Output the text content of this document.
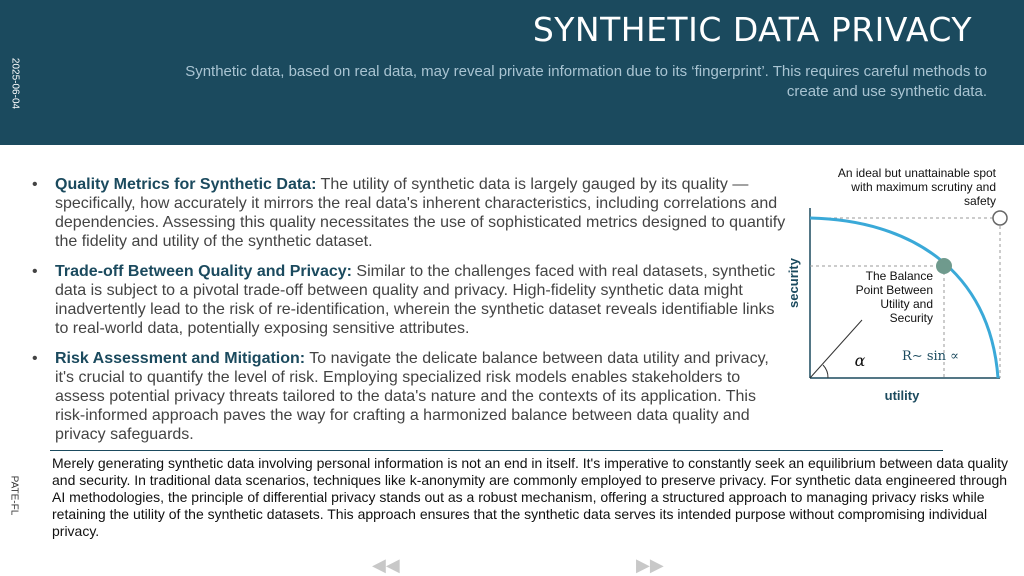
SYNTHETIC DATA PRIVACY
Synthetic data, based on real data, may reveal private information due to its ‘fingerprint’. This requires careful methods to create and use synthetic data.
2025-06-04
• Quality Metrics for Synthetic Data: The utility of synthetic data is largely gauged by its quality — specifically, how accurately it mirrors the real data's inherent characteristics, including correlations and dependencies. Assessing this quality necessitates the use of sophisticated metrics designed to quantify the fidelity and utility of the synthetic dataset.
• Trade-off Between Quality and Privacy: Similar to the challenges faced with real datasets, synthetic data is subject to a pivotal trade-off between quality and privacy. High-fidelity synthetic data might inadvertently lead to the risk of re-identification, wherein the synthetic dataset reveals identifiable links to real-world data, potentially exposing sensitive attributes.
• Risk Assessment and Mitigation: To navigate the delicate balance between data utility and privacy, it's crucial to quantify the level of risk. Employing specialized risk models enables stakeholders to assess potential privacy threats tailored to the data's nature and the contexts of its application. This risk-informed approach paves the way for crafting a harmonized balance between data quality and privacy safeguards.
An ideal but unattainable spot with maximum scrutiny and safety
The Balance Point Between Utility and Security
security
utility
α	R∼ sin ∝
Merely generating synthetic data involving personal information is not an end in itself. It's imperative to constantly seek an equilibrium between data quality and security. In traditional data scenarios, techniques like k-anonymity are commonly employed to preserve privacy. For synthetic data engineered through AI methodologies, the principle of differential privacy stands out as a robust mechanism, offering a structured approach to managing privacy risks while retaining the utility of the synthetic datasets. This approach ensures that the synthetic data serves its intended purpose without compromising individual privacy.
PATE-FL
◀◀	▶▶
